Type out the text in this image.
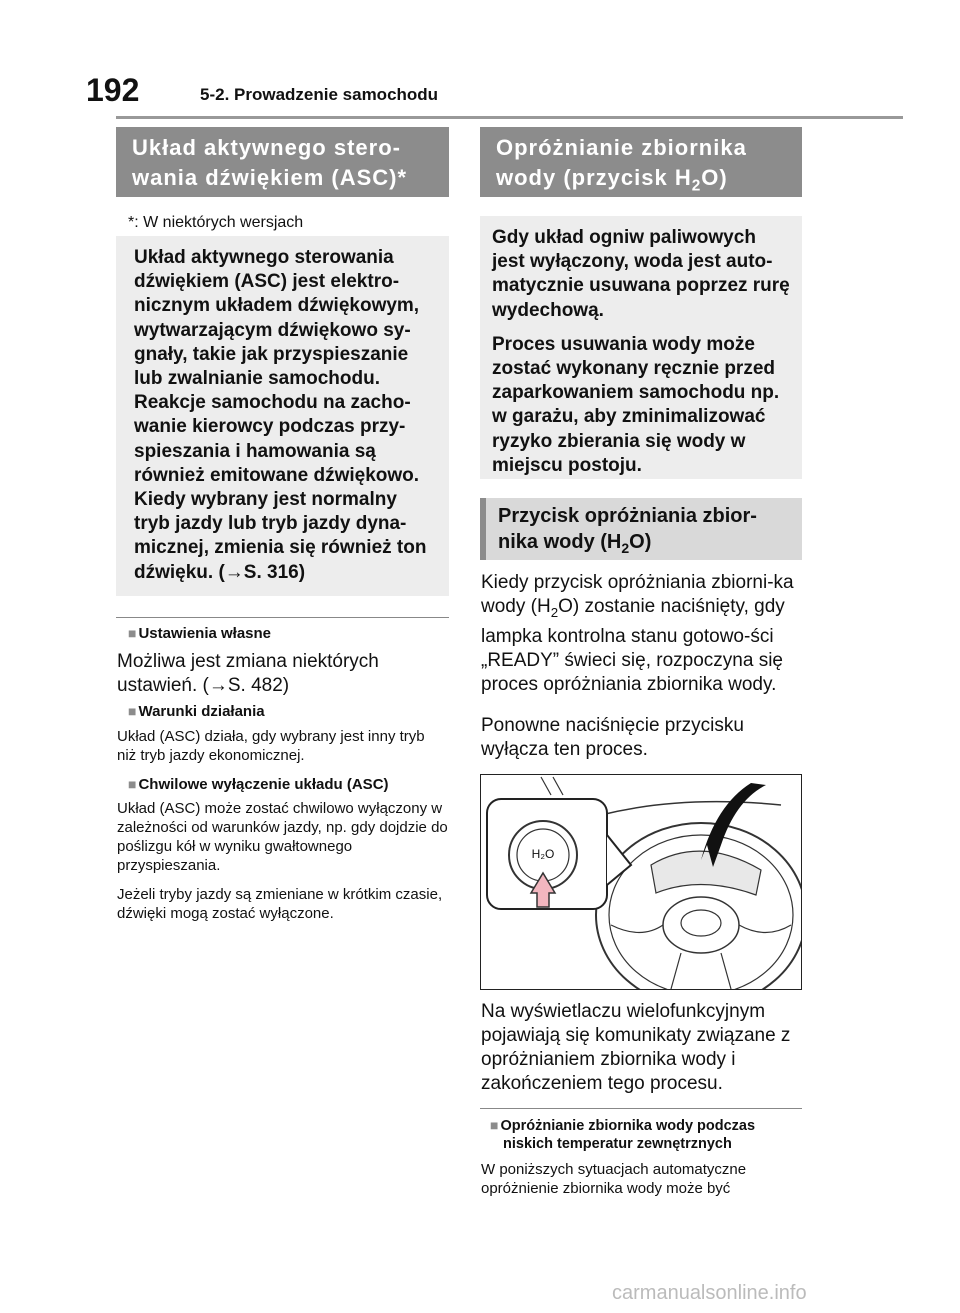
192	5-2. Prowadzenie samochodu
Układ aktywnego stero-
wania dźwiękiem (ASC)*
*: W niektórych wersjach

Układ aktywnego sterowania dźwiękiem (ASC) jest elektro-nicznym układem dźwiękowym, wytwarzającym dźwiękowo sy-gnały, takie jak przyspieszanie lub zwalnianie samochodu. Reakcje samochodu na zacho-wanie kierowcy podczas przy-spieszania i hamowania są również emitowane dźwiękowo. Kiedy wybrany jest normalny tryb jazdy lub tryb jazdy dyna-micznej, zmienia się również ton dźwięku. (→S. 316)

■ Ustawienia własne
Możliwa jest zmiana niektórych ustawień. (→S. 482)
■ Warunki działania
Układ (ASC) działa, gdy wybrany jest inny tryb niż tryb jazdy ekonomicznej.
■ Chwilowe wyłączenie układu (ASC)
Układ (ASC) może zostać chwilowo wyłączony w zależności od warunków jazdy, np. gdy dojdzie do poślizgu kół w wyniku gwałtownego przyspieszania.
Jeżeli tryby jazdy są zmieniane w krótkim czasie, dźwięki mogą zostać wyłączone.
Opróżnianie zbiornika
wody (przycisk $H_2O$)

Gdy układ ogniw paliwowych jest wyłączony, woda jest auto-matycznie usuwana poprzez rurę wydechową.

Proces usuwania wody może zostać wykonany ręcznie przed zaparkowaniem samochodu np. w garażu, aby zminimalizować ryzyko zbierania się wody w miejscu postoju.

Przycisk opróżniania zbior-
nika wody $(H_2O)$
Kiedy przycisk opróżniania zbiorni-ka wody $(H_2O)$ zostanie naciśnięty, gdy lampka kontrolna stanu gotowo-ści „READY” świeci się, rozpoczyna się proces opróżniania zbiornika wody.
Ponowne naciśnięcie przycisku wyłącza ten proces.
H₂O
Na wyświetlaczu wielofunkcyjnym pojawiają się komunikaty związane z opróżnianiem zbiornika wody i zakończeniem tego procesu.
■ Opróżnianie zbiornika wody podczas
niskich temperatur zewnętrznych
W poniższych sytuacjach automatyczne opróżnienie zbiornika wody może być
carmanualsonline.info
